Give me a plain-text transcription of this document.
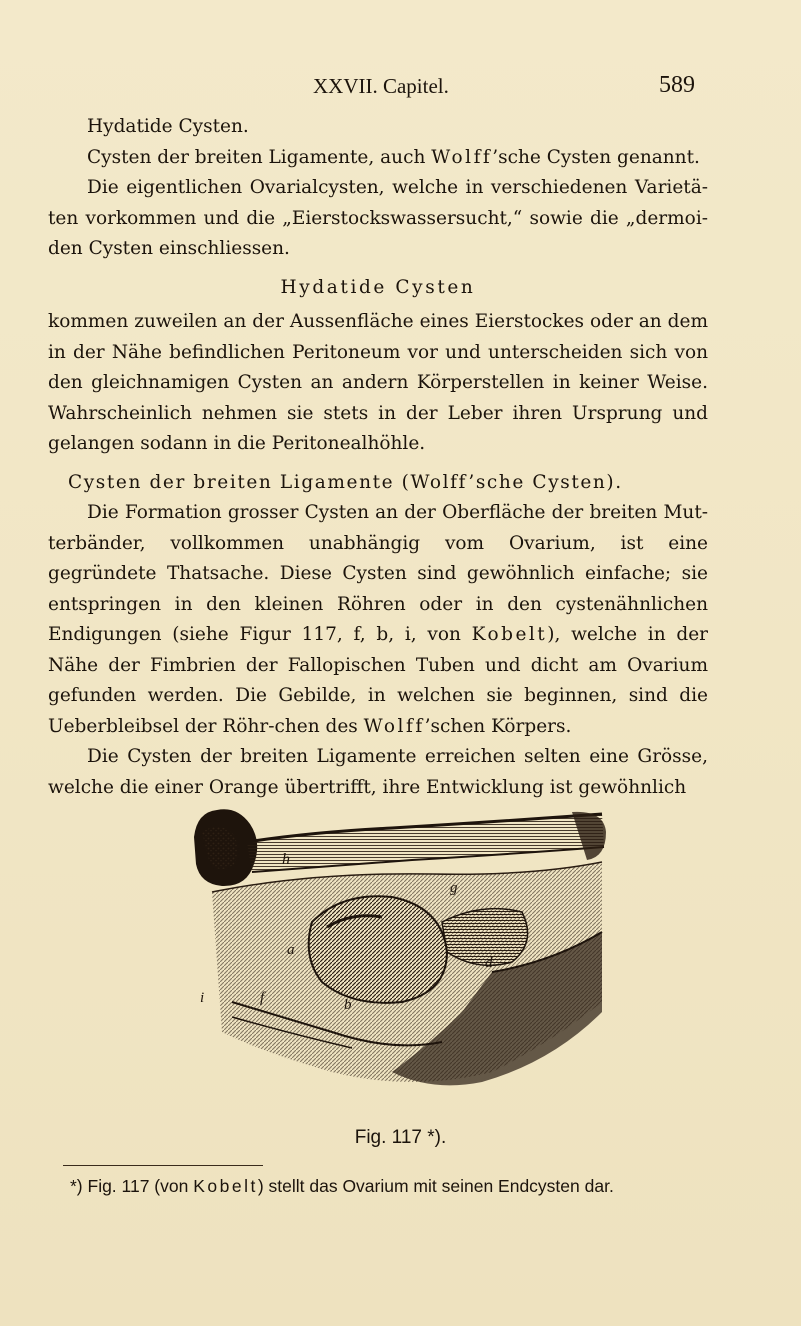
XXVII. Capitel.	589

Hydatide Cysten.

Cysten der breiten Ligamente, auch Wolff’sche Cysten genannt.

Die eigentlichen Ovarialcysten, welche in verschiedenen Varietä-ten vorkommen und die „Eierstockswassersucht,“ sowie die „dermoi-den Cysten einschliessen.

Hydatide Cysten

kommen zuweilen an der Aussenfläche eines Eierstockes oder an dem in der Nähe befindlichen Peritoneum vor und unterscheiden sich von den gleichnamigen Cysten an andern Körperstellen in keiner Weise. Wahrscheinlich nehmen sie stets in der Leber ihren Ursprung und gelangen sodann in die Peritonealhöhle.

Cysten der breiten Ligamente (Wolff’sche Cysten).

Die Formation grosser Cysten an der Oberfläche der breiten Mut-terbänder, vollkommen unabhängig vom Ovarium, ist eine gegründete Thatsache. Diese Cysten sind gewöhnlich einfache; sie entspringen in den kleinen Röhren oder in den cystenähnlichen Endigungen (siehe Figur 117, f, b, i, von Kobelt), welche in der Nähe der Fimbrien der Fallopischen Tuben und dicht am Ovarium gefunden werden. Die Gebilde, in welchen sie beginnen, sind die Ueberbleibsel der Röhr-chen des Wolff’schen Körpers.

Die Cysten der breiten Ligamente erreichen selten eine Grösse, welche die einer Orange übertrifft, ihre Entwicklung ist gewöhnlich

h
a
g
d
i	f	b
Fig. 117 *).
*) Fig. 117 (von Kobelt) stellt das Ovarium mit seinen Endcysten dar.
